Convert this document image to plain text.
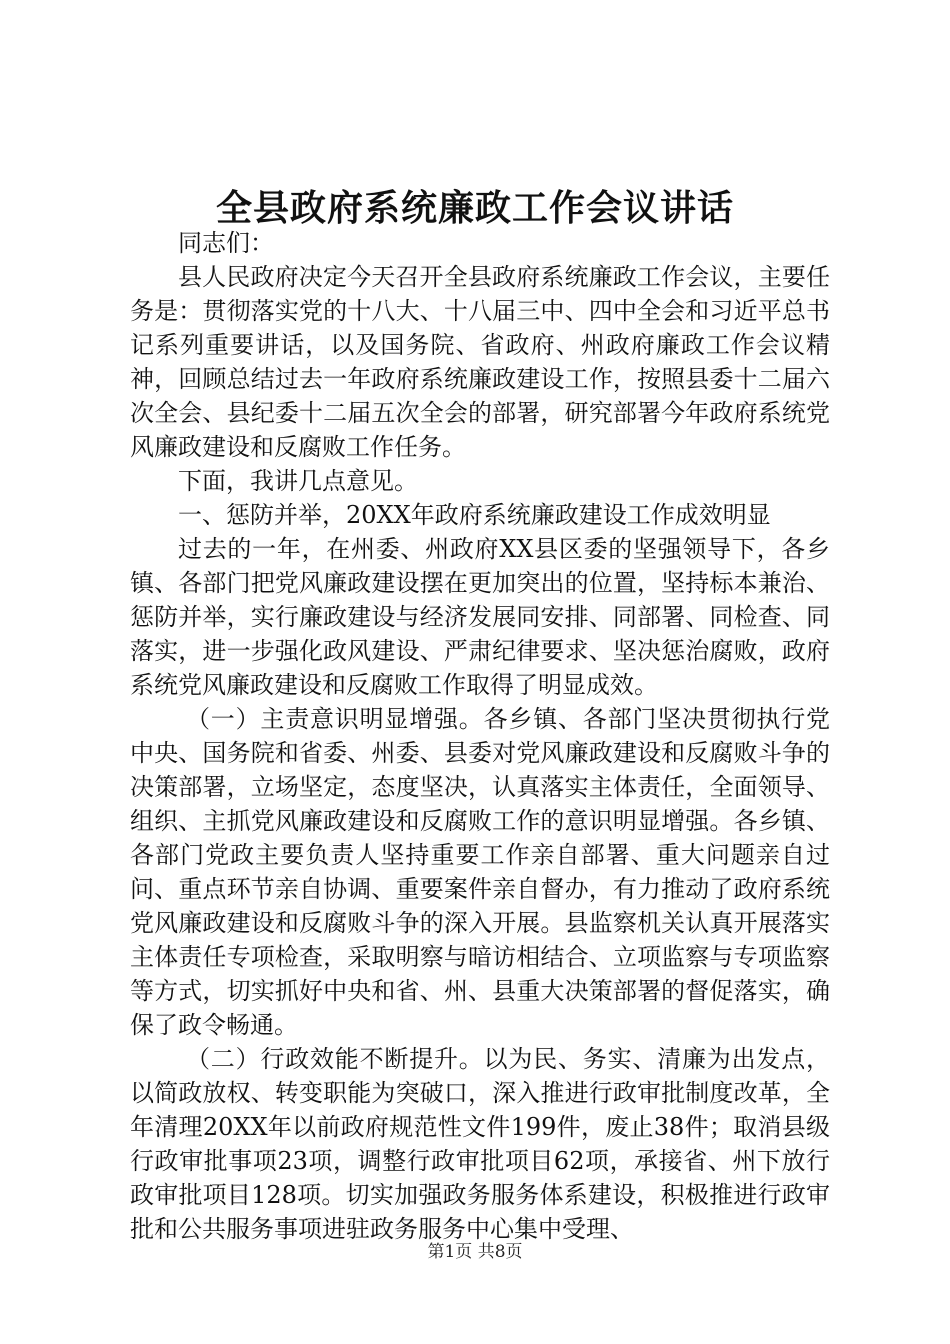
全县政府系统廉政工作会议讲话

同志们：

县人民政府决定今天召开全县政府系统廉政工作会议，主要任务是：贯彻落实党的十八大、十八届三中、四中全会和习近平总书记系列重要讲话，以及国务院、省政府、州政府廉政工作会议精神，回顾总结过去一年政府系统廉政建设工作，按照县委十二届六次全会、县纪委十二届五次全会的部署，研究部署今年政府系统党风廉政建设和反腐败工作任务。

下面，我讲几点意见。

一、惩防并举，20XX年政府系统廉政建设工作成效明显

过去的一年，在州委、州政府XX县区委的坚强领导下，各乡镇、各部门把党风廉政建设摆在更加突出的位置，坚持标本兼治、惩防并举，实行廉政建设与经济发展同安排、同部署、同检查、同落实，进一步强化政风建设、严肃纪律要求、坚决惩治腐败，政府系统党风廉政建设和反腐败工作取得了明显成效。

（一）主责意识明显增强。各乡镇、各部门坚决贯彻执行党中央、国务院和省委、州委、县委对党风廉政建设和反腐败斗争的决策部署，立场坚定，态度坚决，认真落实主体责任，全面领导、组织、主抓党风廉政建设和反腐败工作的意识明显增强。各乡镇、各部门党政主要负责人坚持重要工作亲自部署、重大问题亲自过问、重点环节亲自协调、重要案件亲自督办，有力推动了政府系统党风廉政建设和反腐败斗争的深入开展。县监察机关认真开展落实主体责任专项检查，采取明察与暗访相结合、立项监察与专项监察等方式，切实抓好中央和省、州、县重大决策部署的督促落实，确保了政令畅通。

（二）行政效能不断提升。以为民、务实、清廉为出发点，以简政放权、转变职能为突破口，深入推进行政审批制度改革，全年清理20XX年以前政府规范性文件199件，废止38件；取消县级行政审批事项23项，调整行政审批项目62项，承接省、州下放行政审批项目128项。切实加强政务服务体系建设，积极推进行政审批和公共服务事项进驻政务服务中心集中受理、

第1页 共8页
